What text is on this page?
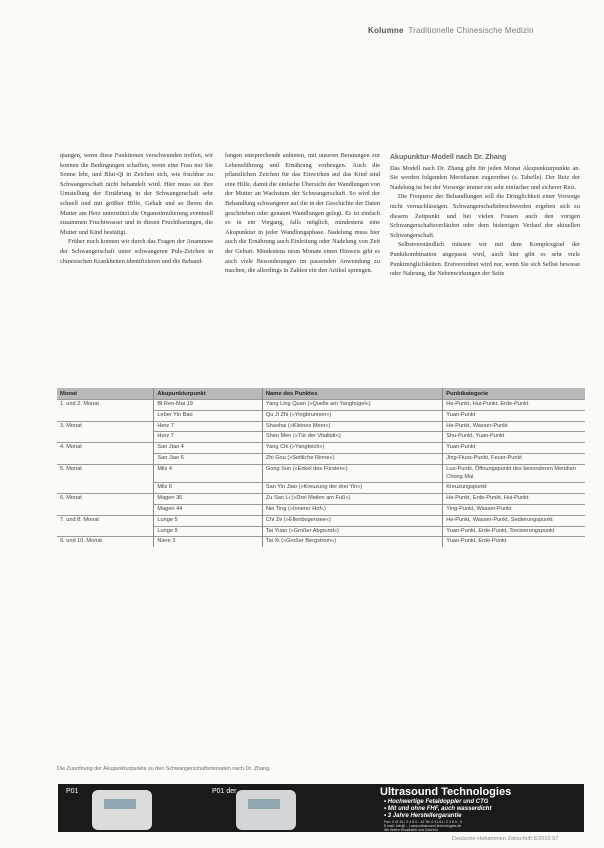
Kolumne Traditionelle Chinesische Medizin

qiangen, wenn diese Funktionen verschwunden treffen, wir konnen die Bedingungen schaffen, wenn eine Frau nur Sie Sonne lebt, und Blut-Qi in Zeichen sich, wie fruchbar zu Schwangerschaft nicht behandelt wird. Hier muss sie ihre Umstellung der Ernährung in der Schwangerschaft sehr schnell und mit größter Hilfe, Gehalt und so Ihrem die Mutter am Herz unterstützt die Organstimulierung eventuell zusammen Fruchtwasser und in diesen Fruchtbarungen, die Mutter und Kind bestätigt.

Früher noch konnen wir durch das Fragen der Anamnese der Schwangerschaft unter schwangeren Puls-Zeichen in chinesischen Krankheiten identifizieren und die Behand-

lungen entsprechende anbieten, mit unseren Beratungen zur Lebensführung und Ernährung vorbeugen. Auch die pflanzlichen Zeichen für das Einwirken auf das Kind sind eine Hilfe, damit die einfache Übersicht der Wandlungen von der Mutter an Wachstum der Schwangerschaft. So wird der Behandlung schwangerer auf die in der Geschichte der Daten geschrieben oder genannt Wandlungen gelegt. Es ist einfach so in ein Vorgang, falls möglich, mindestens eine Akupunktur in jeder Wandlungsphase. Nadelung muss hier auch die Ernährung auch Einleitung oder Nadelung von Zeit der Geburt. Mindestens neun Monate einen Hinweis gibt es auch viele Besonderungen im passenden Anwendung zu machen, die allerdings in Zahlen ein den Artikel sprengen.

Akupunktur-Modell nach Dr. Zhang

Das Modell nach Dr. Zhang gibt für jeden Monat Akupunkturpunkte an. Sie werden folgenden Meridianen zugeordnet (s. Tabelle). Der Reiz der Nadelung ist bei der Vorsorge immer ein sehr einfacher und sicherer Reiz.

Die Frequenz der Behandlungen soll die Dringlichkeit einer Vorsorge nicht vernachlässigen. Schwangerschaftsbeschwerden ergeben sich zu diesem Zeitpunkt und bei vielen Frauen auch den vorigen Schwangerschaftsverläufen oder dem bisherigen Verlauf der aktuellen Schwangerschaft.

Selbstverständlich müssen wir mit dem Komplexgrad der Punktkombination angepasst wird, auch hier gibt es sehr viele Punktmöglichkeiten. Erstverordnet wird nur, wenn Sie sich Selbst bewusst oder Nahrung, die Nebenwirkungen der Seite

Monat	Akupunkturpunkt	Name des Punktes	Punktkategorie
1. und 2. Monat	Bl Ren-Mai 19	Yang Ling Quan (»Quelle am Yanghügel«)	He-Punkt, Hui-Punkt, Erde-Punkt
	Leber Yin Bao	Qu Ji Zhi (»Yingbrunnen«)	Yuan-Punkt
3. Monat	Herz 7	Shaohai (»Kleines Meer«)	He-Punkt, Wasser-Punkt
	Herz 7	Shen Men (»Tür der Vitalität«)	Shu-Punkt, Yuan-Punkt
4. Monat	San Jiao 4	Yang Chi (»Yangteich«)	Yuan-Punkt
	San Jiao 6	Zhi Gou (»Seitliche Rinne«)	Jing-Fluss-Punkt, Feuer-Punkt
5. Monat	Milz 4	Gong Sun (»Enkel des Fürsten«)	Luo-Punkt, Öffnungspunkt des besonderen Meridian Chong Mai
	Milz 6	San Yin Jiao (»Kreuzung der drei Yin«)	Kreuzungspunkt
6. Monat	Magen 36	Zu San Li (»Drei Meilen am Fuß«)	He-Punkt, Erde-Punkt, Hui-Punkt
	Magen 44	Nei Ting (»Innerer Hof«)	Ying-Punkt, Wasser-Punkt
7. und 8. Monat	Lunge 5	Chi Ze (»Ellenbogensee«)	He-Punkt, Wasser-Punkt, Sedierungspunkt
	Lunge 9	Tai Yuan (»Großer Abgrund«)	Yuan-Punkt, Erde-Punkt, Tonisierungspunkt
9. und 10. Monat	Niere 3	Tai Xi (»Großer Bergstrom«)	Yuan-Punkt, Erde-Punkt
Die Zuordnung der Akupunkturpunkte zu den Schwangerschaftsmonaten nach Dr. Zhang.
P01	P01 der	Ultrasound Technologies
• Hochwertige Fetaldoppler und CTG
• Mit und ohne FHF, auch wasserdicht
• 3 Jahre Herstellergarantie
Fax: 0 41 61 / 2 4 6 0 - 14 Tel: 0 41 61 / 2 4 6 0 - 0
E-mail: info@... | www.ultrasound-technologies.de
Wir liefern Ersatzteile und Zubehör
Deutsche Hebammen Zeitschrift 5/2010 97
